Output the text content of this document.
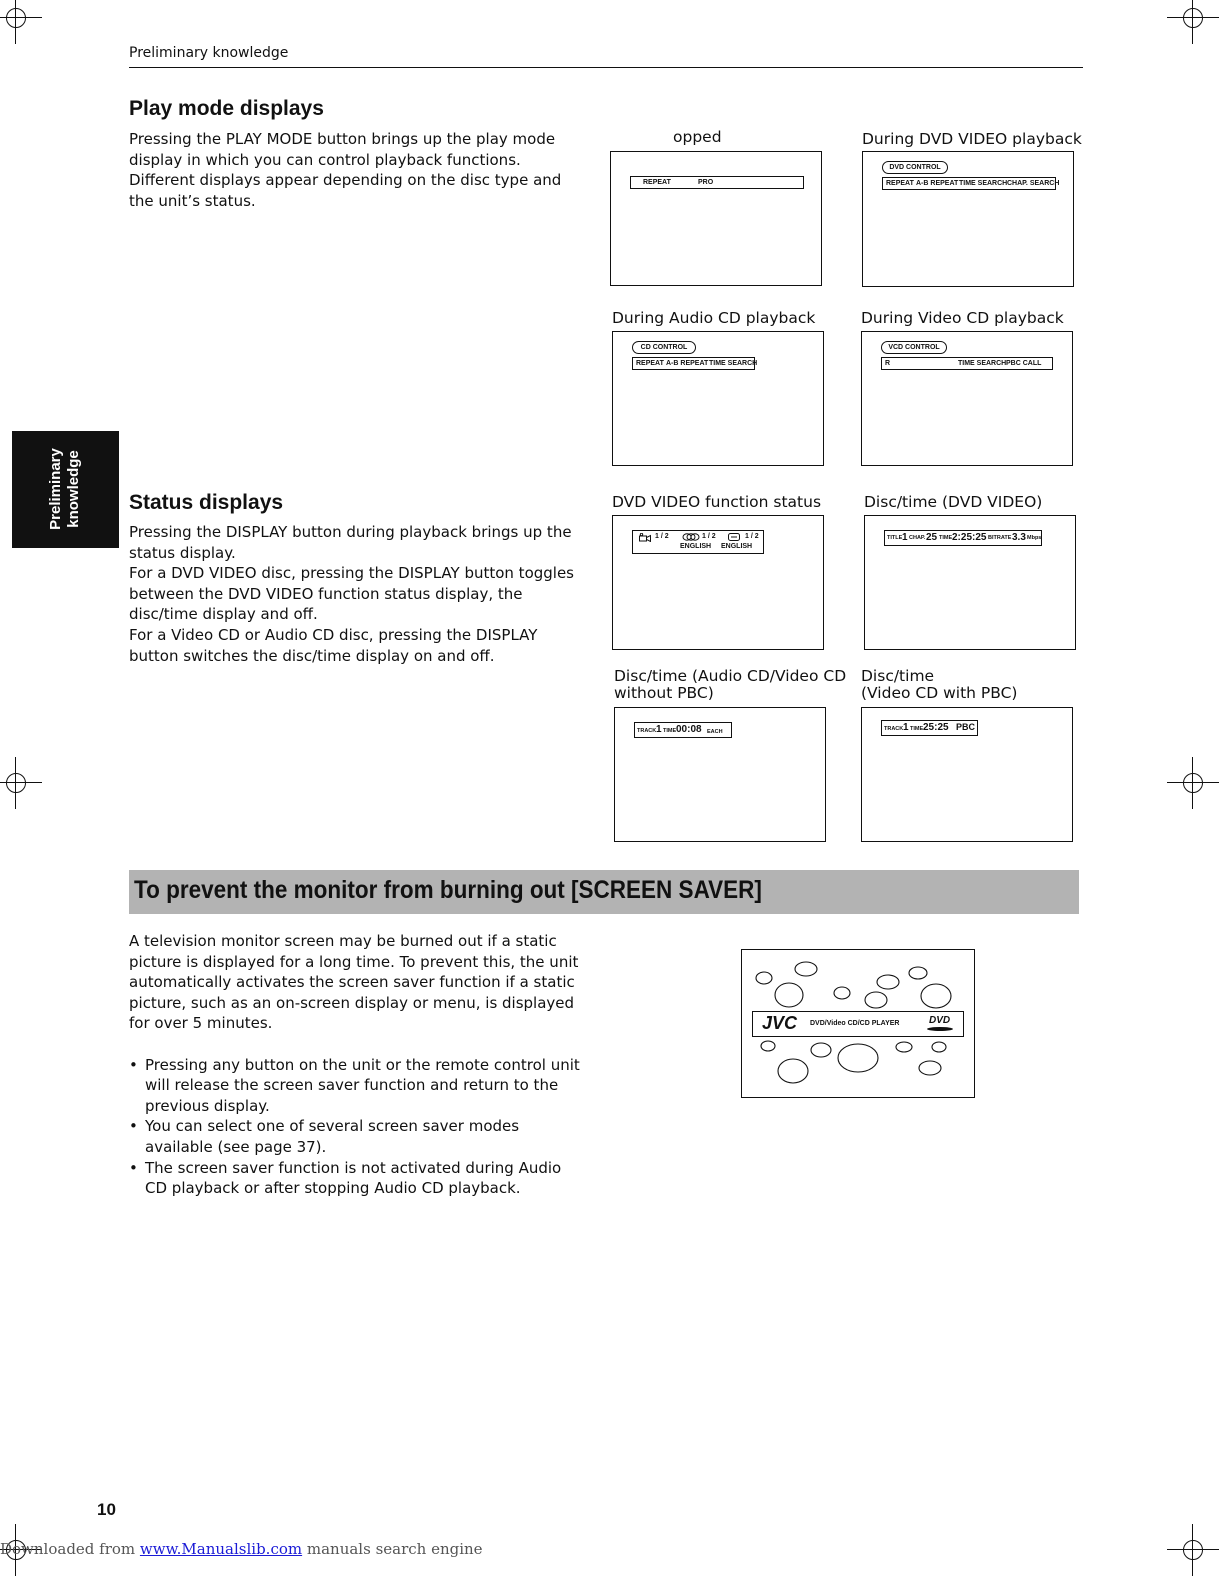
Preliminary knowledge
Preliminary
knowledge
Play mode displays

Pressing the PLAY MODE button brings up the play mode display in which you can control playback functions.

Different displays appear depending on the disc type and the unit’s status.

opped
REPEAT	PRO
During DVD VIDEO playback
DVD CONTROL
REPEAT A-B REPEAT TIME SEARCH CHAP. SEARCH
During Audio CD playback
CD CONTROL
REPEAT A-B REPEAT TIME SEARCH
During Video CD playback
VCD CONTROL
R	TIME SEARCH PBC CALL
Status displays

Pressing the DISPLAY button during playback brings up the status display.

For a DVD VIDEO disc, pressing the DISPLAY button toggles between the DVD VIDEO function status display, the disc/time display and off.

For a Video CD or Audio CD disc, pressing the DISPLAY button switches the disc/time display on and off.

DVD VIDEO function status
1 / 2	1 / 2	1 / 2
ENGLISH ENGLISH
Disc/time (DVD VIDEO)
TITLE 1 CHAP. 25 TIME 2:25:25 BITRATE 3.3 Mbps
Disc/time (Audio CD/Video CD
without PBC)
TRACK 1 TIME 00:08 EACH
Disc/time
(Video CD with PBC)
TRACK 1 TIME 25:25 PBC
To prevent the monitor from burning out [SCREEN SAVER]

A television monitor screen may be burned out if a static picture is displayed for a long time. To prevent this, the unit automatically activates the screen saver function if a static picture, such as an on-screen display or menu, is displayed for over 5 minutes.

• Pressing any button on the unit or the remote control unit will release the screen saver function and return to the previous display.
• You can select one of several screen saver modes available (see page 37).
• The screen saver function is not activated during Audio CD playback or after stopping Audio CD playback.
JVC DVD/Video CD/CD PLAYER	DVD
10
Downloaded from www.Manualslib.com manuals search engine
